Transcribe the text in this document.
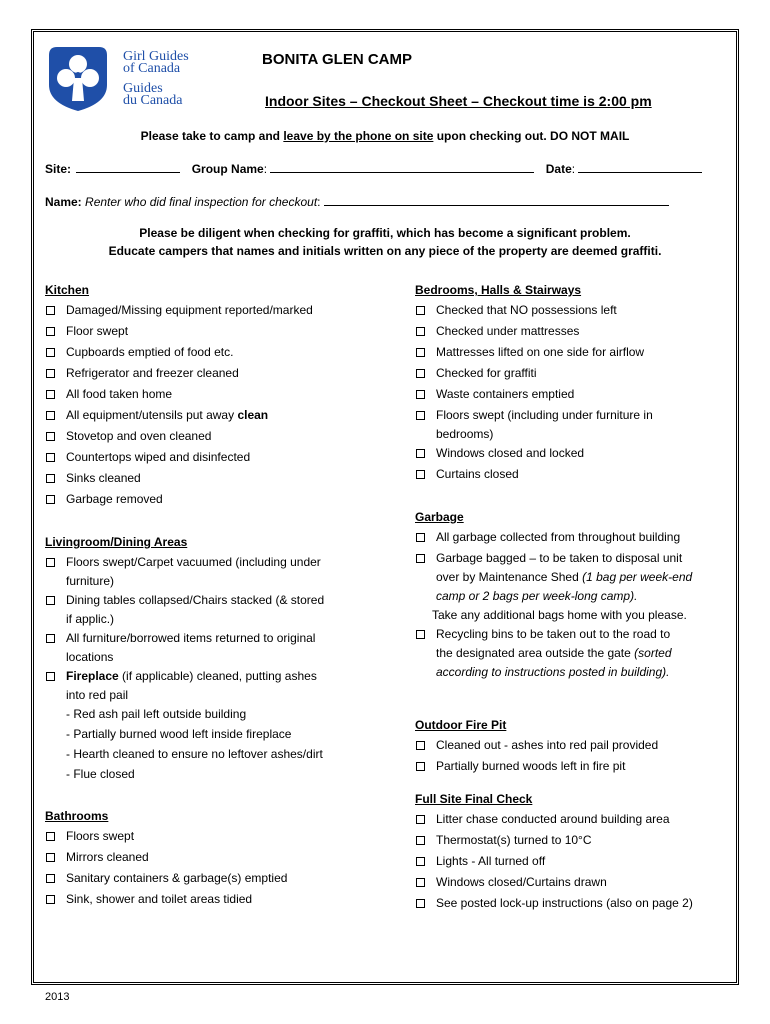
Girl Guides
of Canada
Guides
du Canada
BONITA GLEN CAMP
Indoor Sites – Checkout Sheet – Checkout time is 2:00 pm
Please take to camp and leave by the phone on site upon checking out. DO NOT MAIL
Site:	Group Name:	Date:
Name: Renter who did final inspection for checkout:
Please be diligent when checking for graffiti, which has become a significant problem.
Educate campers that names and initials written on any piece of the property are deemed graffiti.
Kitchen
Damaged/Missing equipment reported/marked
Floor swept
Cupboards emptied of food etc.
Refrigerator and freezer cleaned
All food taken home
All equipment/utensils put away clean
Stovetop and oven cleaned
Countertops wiped and disinfected
Sinks cleaned
Garbage removed
Livingroom/Dining Areas
Floors swept/Carpet vacuumed (including under
furniture)
Dining tables collapsed/Chairs stacked (& stored
if applic.)
All furniture/borrowed items returned to original
locations
Fireplace (if applicable) cleaned, putting ashes
into red pail
- Red ash pail left outside building
- Partially burned wood left inside fireplace
- Hearth cleaned to ensure no leftover ashes/dirt
- Flue closed
Bathrooms
Floors swept
Mirrors cleaned
Sanitary containers & garbage(s) emptied
Sink, shower and toilet areas tidied
Bedrooms, Halls & Stairways
Checked that NO possessions left
Checked under mattresses
Mattresses lifted on one side for airflow
Checked for graffiti
Waste containers emptied
Floors swept (including under furniture in
bedrooms)
Windows closed and locked
Curtains closed
Garbage
All garbage collected from throughout building
Garbage bagged – to be taken to disposal unit
over by Maintenance Shed (1 bag per week-end
camp or 2 bags per week-long camp).
Take any additional bags home with you please.
Recycling bins to be taken out to the road to
the designated area outside the gate (sorted
according to instructions posted in building).
Outdoor Fire Pit
Cleaned out - ashes into red pail provided
Partially burned woods left in fire pit
Full Site Final Check
Litter chase conducted around building area
Thermostat(s) turned to 10°C
Lights - All turned off
Windows closed/Curtains drawn
See posted lock-up instructions (also on page 2)
2013
